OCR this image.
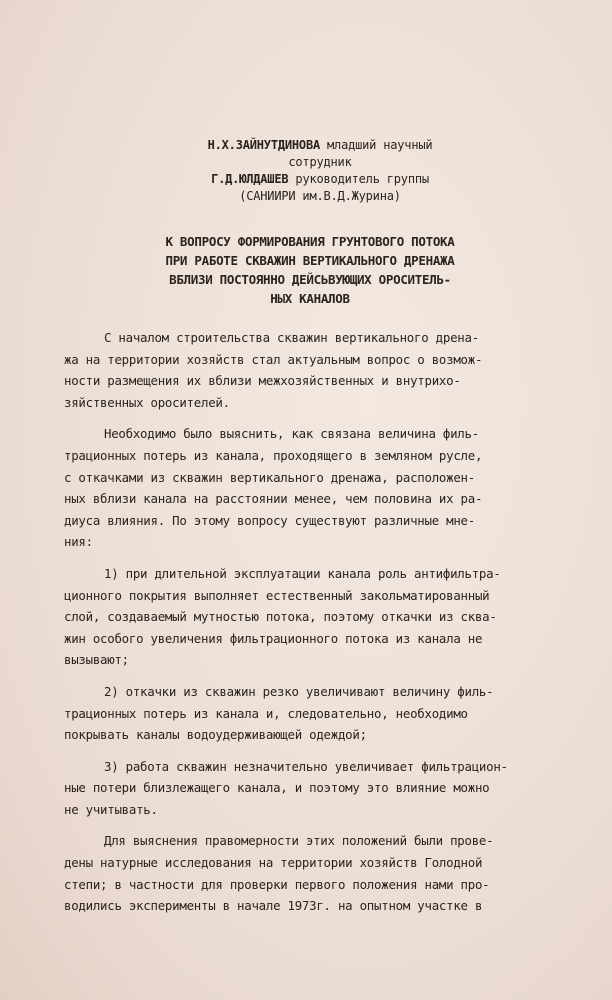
Н.Х.ЗАЙНУТДИНОВА младший научный
сотрудник
Г.Д.ЮЛДАШЕВ руководитель группы
(САНИИРИ им.В.Д.Журина)
К ВОПРОСУ ФОРМИРОВАНИЯ ГРУНТОВОГО ПОТОКА
ПРИ РАБОТЕ СКВАЖИН ВЕРТИКАЛЬНОГО ДРЕНАЖА
ВБЛИЗИ ПОСТОЯННО ДЕЙСЬВУЮЩИХ ОРОСИТЕЛЬ-
НЫХ КАНАЛОВ

С началом строительства скважин вертикального дрена-
жа на территории хозяйств стал актуальным вопрос о возмож-
ности размещения их вблизи межхозяйственных и внутрихо-
зяйственных оросителей.

Необходимо было выяснить, как связана величина филь-
трационных потерь из канала, проходящего в земляном русле,
с откачками из скважин вертикального дренажа, расположен-
ных вблизи канала на расстоянии менее, чем половина их ра-
диуса влияния. По этому вопросу существуют различные мне-
ния:

1) при длительной эксплуатации канала роль антифильтра-
ционного покрытия выполняет естественный закольматированный
слой, создаваемый мутностью потока, поэтому откачки из сква-
жин особого увеличения фильтрационного потока из канала не
вызывают;

2) откачки из скважин резко увеличивают величину филь-
трационных потерь из канала и, следовательно, необходимо
покрывать каналы водоудерживающей одеждой;

3) работа скважин незначительно увеличивает фильтрацион-
ные потери близлежащего канала, и поэтому это влияние можно
не учитывать.

Для выяснения правомерности этих положений были прове-
дены натурные исследования на территории хозяйств Голодной
степи; в частности для проверки первого положения нами про-
водились эксперименты в начале 1973г. на опытном участке в
